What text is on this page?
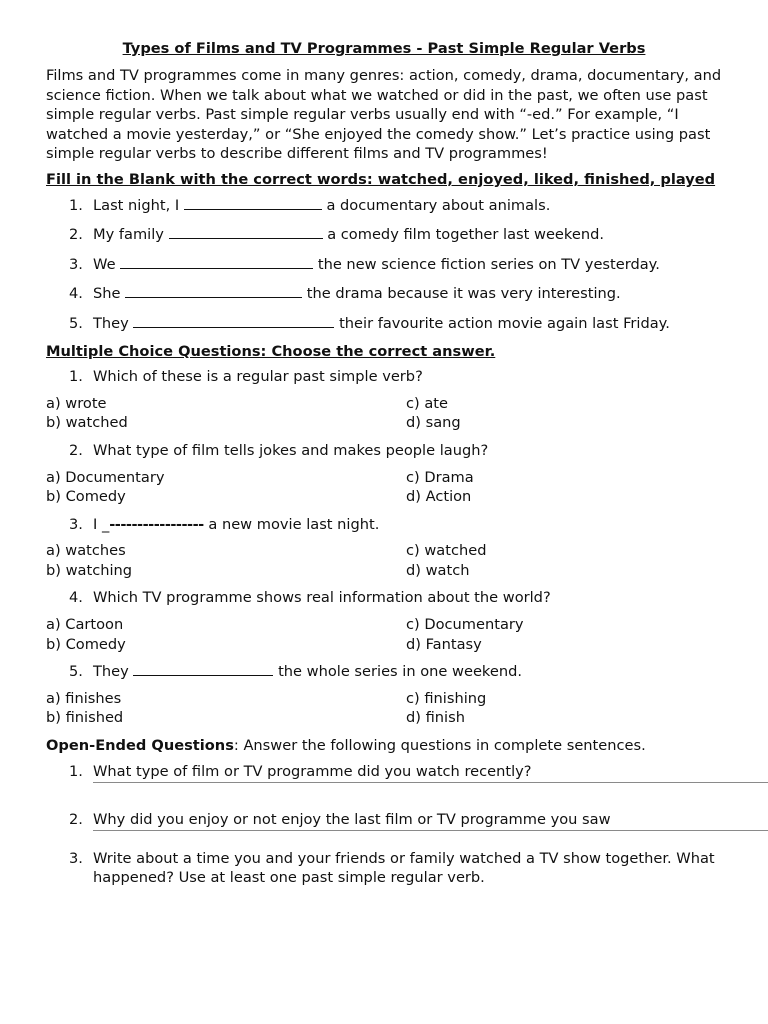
Types of Films and TV Programmes - Past Simple Regular Verbs

Films and TV programmes come in many genres: action, comedy, drama, documentary, and science fiction. When we talk about what we watched or did in the past, we often use past simple regular verbs. Past simple regular verbs usually end with “-ed.” For example, “I watched a movie yesterday,” or “She enjoyed the comedy show.” Let’s practice using past simple regular verbs to describe different films and TV programmes!

Fill in the Blank with the correct words: watched, enjoyed, liked, finished, played
1. Last night, I	a documentary about animals.
2. My family	a comedy film together last weekend.
3. We	the new science fiction series on TV yesterday.
4. She	the drama because it was very interesting.
5. They	their favourite action movie again last Friday.
Multiple Choice Questions: Choose the correct answer.
1. Which of these is a regular past simple verb?
a) wrote	c) ate
b) watched	d) sang
2. What type of film tells jokes and makes people laugh?
a) Documentary	c) Drama
b) Comedy	d) Action
3. I _----------------- a new movie last night.
a) watches	c) watched
b) watching	d) watch
4. Which TV programme shows real information about the world?
a) Cartoon	c) Documentary
b) Comedy	d) Fantasy
5. They	the whole series in one weekend.
a) finishes	c) finishing
b) finished	d) finish
Open-Ended Questions: Answer the following questions in complete sentences.
1. What type of film or TV programme did you watch recently?
2. Why did you enjoy or not enjoy the last film or TV programme you saw
3. Write about a time you and your friends or family watched a TV show together. What happened? Use at least one past simple regular verb.
